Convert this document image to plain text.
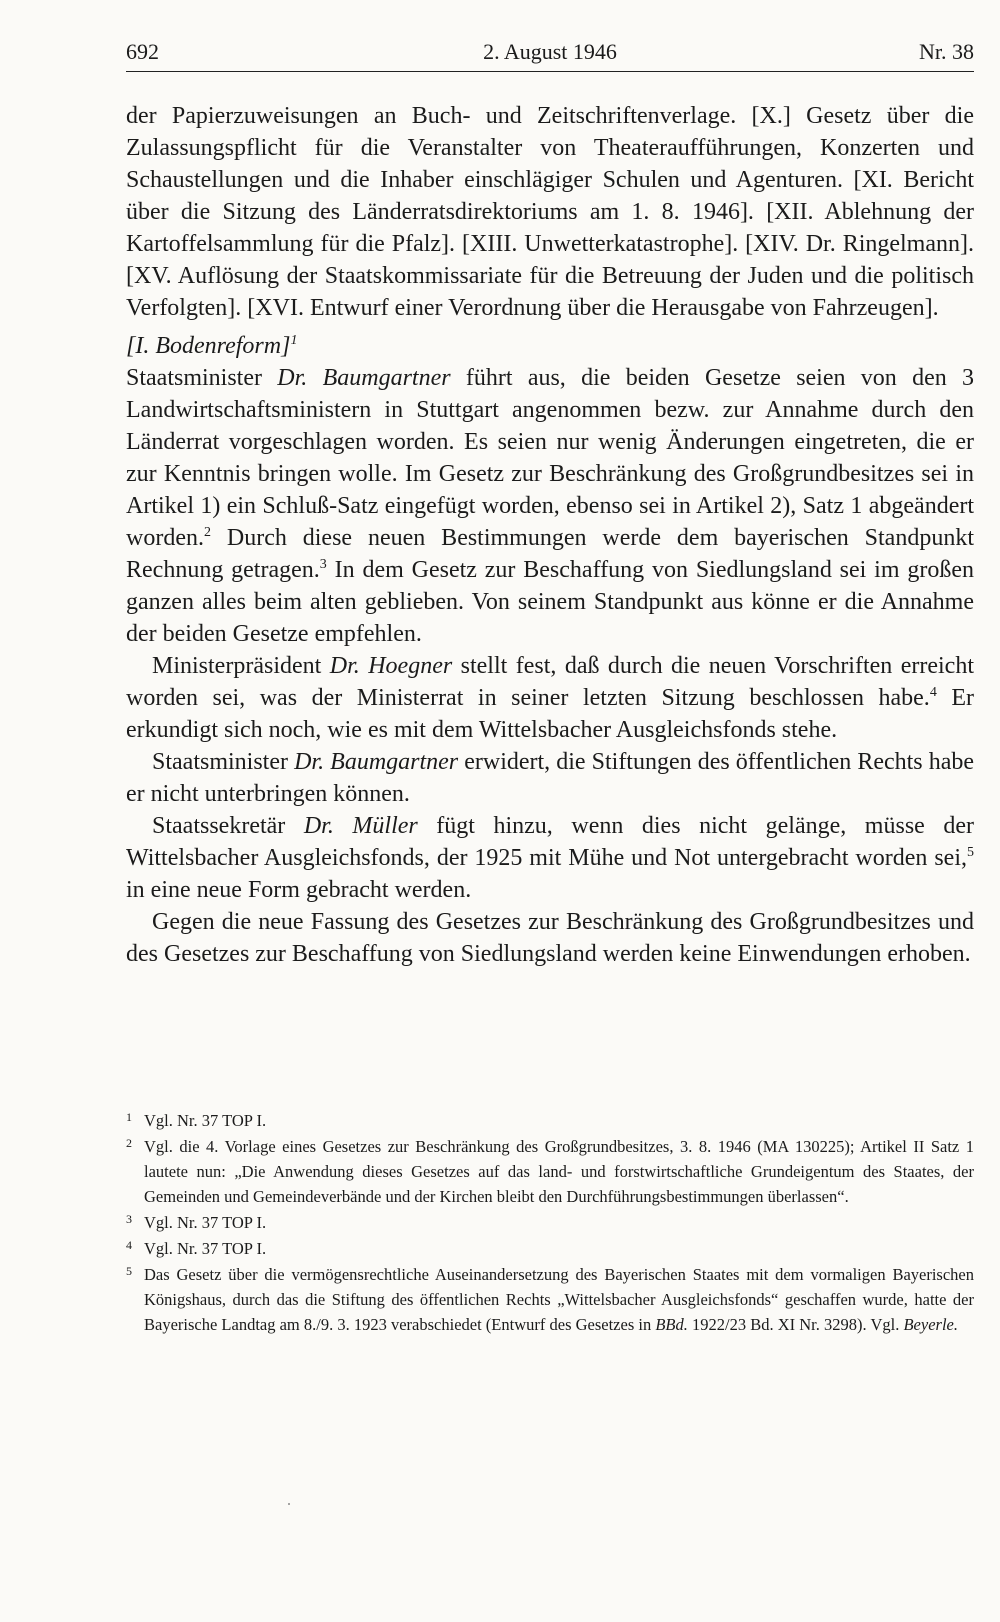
692	2. August 1946	Nr. 38

der Papierzuweisungen an Buch- und Zeitschriftenverlage. [X.] Gesetz über die Zulassungspflicht für die Veranstalter von Theateraufführungen, Konzerten und Schaustellungen und die Inhaber einschlägiger Schulen und Agenturen. [XI. Bericht über die Sitzung des Länderratsdirektoriums am 1. 8. 1946]. [XII. Ablehnung der Kartoffelsammlung für die Pfalz]. [XIII. Unwetterkatastrophe]. [XIV. Dr. Ringelmann]. [XV. Auflösung der Staatskommissariate für die Betreuung der Juden und die politisch Verfolgten]. [XVI. Entwurf einer Verordnung über die Herausgabe von Fahrzeugen].

[I. Bodenreform]$^1$

Staatsminister Dr. Baumgartner führt aus, die beiden Gesetze seien von den 3 Landwirtschaftsministern in Stuttgart angenommen bezw. zur Annahme durch den Länderrat vorgeschlagen worden. Es seien nur wenig Änderungen eingetreten, die er zur Kenntnis bringen wolle. Im Gesetz zur Beschränkung des Großgrundbesitzes sei in Artikel 1) ein Schluß-Satz eingefügt worden, ebenso sei in Artikel 2), Satz 1 abgeändert worden.$^2$ Durch diese neuen Bestimmungen werde dem bayerischen Standpunkt Rechnung getragen.$^3$ In dem Gesetz zur Beschaffung von Siedlungsland sei im großen ganzen alles beim alten geblieben. Von seinem Standpunkt aus könne er die Annahme der beiden Gesetze empfehlen.

Ministerpräsident Dr. Hoegner stellt fest, daß durch die neuen Vorschriften erreicht worden sei, was der Ministerrat in seiner letzten Sitzung beschlossen habe.$^4$ Er erkundigt sich noch, wie es mit dem Wittelsbacher Ausgleichsfonds stehe.

Staatsminister Dr. Baumgartner erwidert, die Stiftungen des öffentlichen Rechts habe er nicht unterbringen können.

Staatssekretär Dr. Müller fügt hinzu, wenn dies nicht gelänge, müsse der Wittelsbacher Ausgleichsfonds, der 1925 mit Mühe und Not untergebracht worden sei,$^5$ in eine neue Form gebracht werden.

Gegen die neue Fassung des Gesetzes zur Beschränkung des Großgrundbesitzes und des Gesetzes zur Beschaffung von Siedlungsland werden keine Einwendungen erhoben.

1 Vgl. Nr. 37 TOP I.
2 Vgl. die 4. Vorlage eines Gesetzes zur Beschränkung des Großgrundbesitzes, 3. 8. 1946 (MA 130225); Artikel II Satz 1 lautete nun: „Die Anwendung dieses Gesetzes auf das land- und forstwirtschaftliche Grundeigentum des Staates, der Gemeinden und Gemeindeverbände und der Kirchen bleibt den Durchführungsbestimmungen überlassen“.
3 Vgl. Nr. 37 TOP I.
4 Vgl. Nr. 37 TOP I.
5 Das Gesetz über die vermögensrechtliche Auseinandersetzung des Bayerischen Staates mit dem vormaligen Bayerischen Königshaus, durch das die Stiftung des öffentlichen Rechts „Wittelsbacher Ausgleichsfonds“ geschaffen wurde, hatte der Bayerische Landtag am 8./9. 3. 1923 verabschiedet (Entwurf des Gesetzes in BBd. 1922/23 Bd. XI Nr. 3298). Vgl. Beyerle.
